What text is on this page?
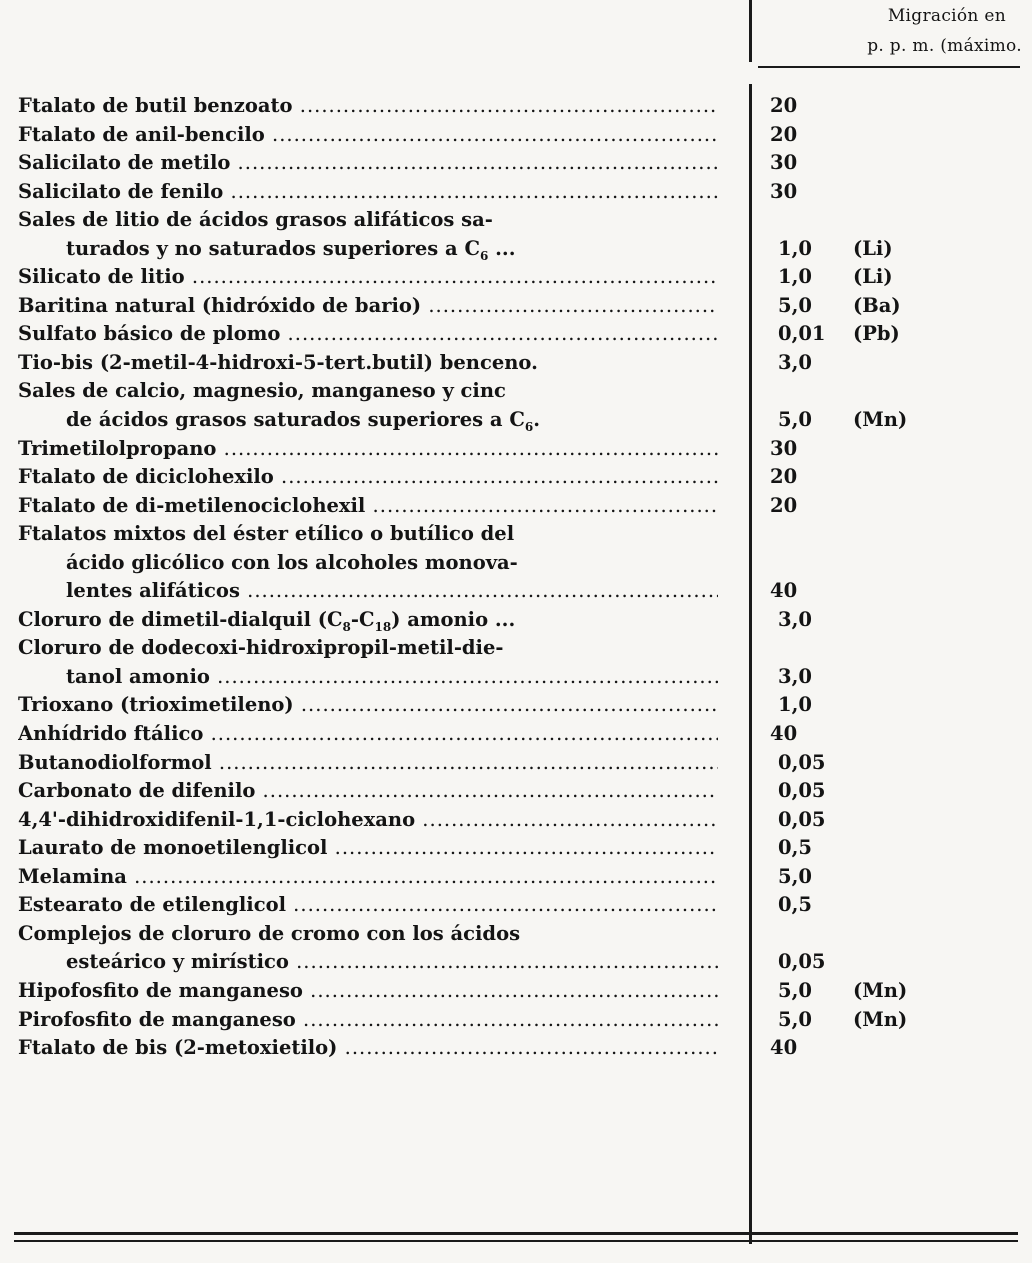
Migración en
p. p. m. (máximo.
Ftalato de butil benzoato .....	20
Ftalato de anil-bencilo .....	20
Salicilato de metilo .....	30
Salicilato de fenilo .....	30
Sales de litio de ácidos grasos alifáticos sa-
turados y no saturados superiores a $C_6$ ...	1,0 (Li)
Silicato de litio .....	1,0 (Li)
Baritina natural (hidróxido de bario) .....	5,0 (Ba)
Sulfato básico de plomo .....	0,01 (Pb)
Tio-bis (2-metil-4-hidroxi-5-tert.butil) benceno.	3,0
Sales de calcio, magnesio, manganeso y cinc
de ácidos grasos saturados superiores a $C_6$.	5,0 (Mn)
Trimetilolpropano .....	30
Ftalato de diciclohexilo .....	20
Ftalato de di-metilenociclohexil .....	20
Ftalatos mixtos del éster etílico o butílico del
ácido glicólico con los alcoholes monova-
lentes alifáticos .....	40
Cloruro de dimetil-dialquil $(C_8-C_{18})$ amonio ...	3,0
Cloruro de dodecoxi-hidroxipropil-metil-die-
tanol amonio .....	3,0
Trioxano (trioximetileno) .....	1,0
Anhídrido ftálico .....	40
Butanodiolformol .....	0,05
Carbonato de difenilo .....	0,05
4,4'-dihidroxidifenil-1,1-ciclohexano .....	0,05
Laurato de monoetilenglicol .....	0,5
Melamina .....	5,0
Estearato de etilenglicol .....	0,5
Complejos de cloruro de cromo con los ácidos
esteárico y mirístico .....	0,05
Hipofosfito de manganeso .....	5,0 (Mn)
Pirofosfito de manganeso .....	5,0 (Mn)
Ftalato de bis (2-metoxietilo) .....	40
